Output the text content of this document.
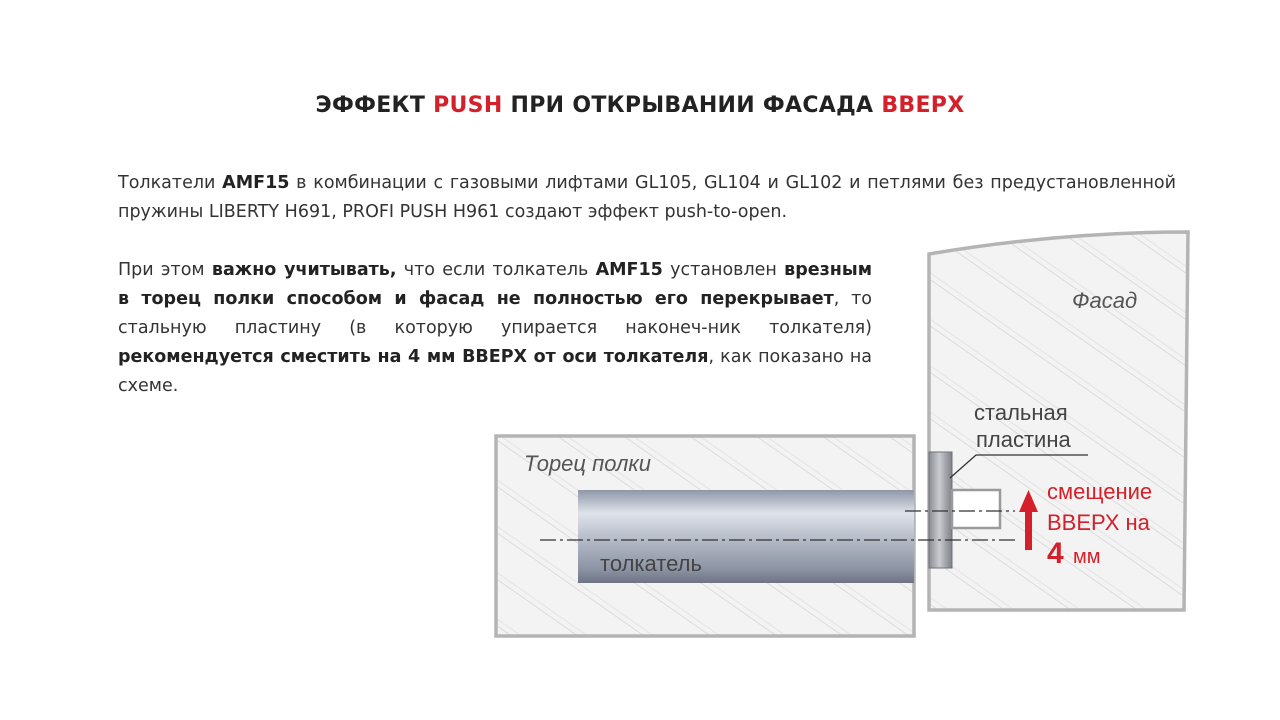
ЭФФЕКТ PUSH ПРИ ОТКРЫВАНИИ ФАСАДА ВВЕРХ
Толкатели AMF15 в комбинации с газовыми лифтами GL105, GL104 и GL102 и петлями без предустановленной пружины LIBERTY H691, PROFI PUSH H961 создают эффект push-to-open.
При этом важно учитывать, что если толкатель AMF15 установлен врезным в торец полки способом и фасад не полностью его перекрывает, то стальную пластину (в которую упирается наконеч-ник толкателя) рекомендуется сместить на 4 мм ВВЕРХ от оси толкателя, как показано на схеме.
Фасад
Торец полки
толкатель
стальная
пластина
смещение
ВВЕРХ на
4 мм
